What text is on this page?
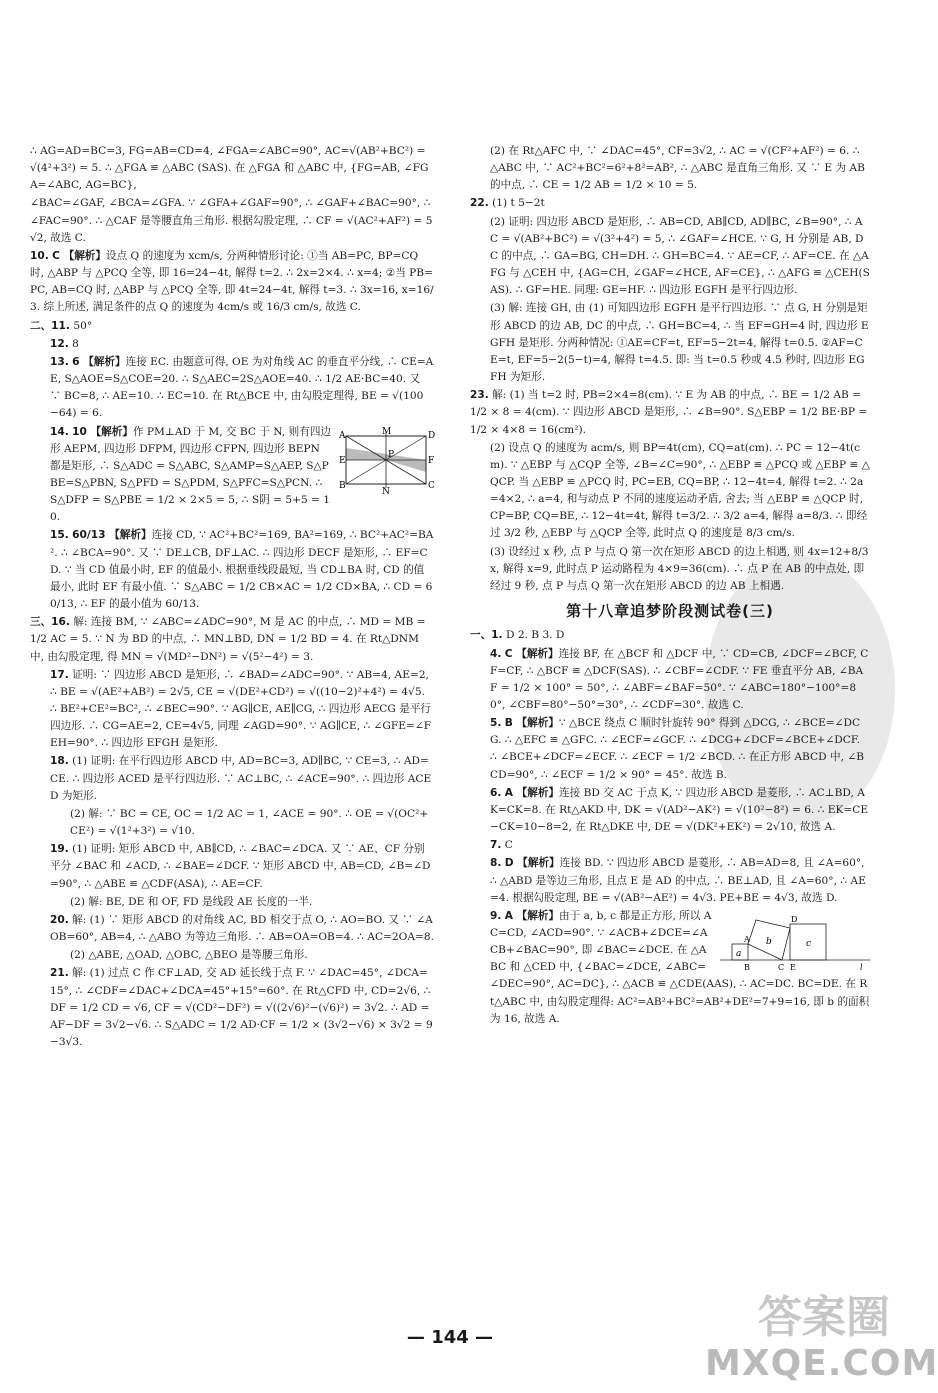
∴ AG=AD=BC=3, FG=AB=CD=4, ∠FGA=∠ABC=90°, AC=√(AB²+BC²) = √(4²+3²) = 5. ∴ △FGA ≌ △ABC (SAS). 在 △FGA 和 △ABC 中, {FG=AB, ∠FGA=∠ABC, AG=BC},
∠BAC=∠GAF, ∠BCA=∠GFA. ∵ ∠GFA+∠GAF=90°, ∴ ∠GAF+∠BAC=90°, ∴ ∠FAC=90°. ∴ △CAF 是等腰直角三角形. 根据勾股定理, ∴ CF = √(AC²+AF²) = 5√2, 故选 C.
10. C 【解析】设点 Q 的速度为 xcm/s, 分两种情形讨论: ①当 AB=PC, BP=CQ 时, △ABP 与 △PCQ 全等, 即 16=24−4t, 解得 t=2. ∴ 2x=2×4. ∴ x=4; ②当 PB=PC, AB=CQ 时, △ABP 与 △PCQ 全等, 即 4t=24−4t, 解得 t=3. ∴ 3x=16, x=16/3. 综上所述, 满足条件的点 Q 的速度为 4cm/s 或 16/3 cm/s, 故选 C.
二、11. 50°
12. 8
13. 6 【解析】连接 EC. 由题意可得, OE 为对角线 AC 的垂直平分线, ∴ CE=AE, S△AOE=S△COE=20. ∴ S△AEC=2S△AOE=40. ∴ 1/2 AE·BC=40. 又 ∵ BC=8, ∴ AE=10. ∴ EC=10. 在 Rt△BCE 中, 由勾股定理得, BE = √(100−64) = 6.
A	D
B	C
M
N
E	F
P
14. 10 【解析】作 PM⊥AD 于 M, 交 BC 于 N, 则有四边形 AEPM, 四边形 DFPM, 四边形 CFPN, 四边形 BEPN 都是矩形, ∴ S△ADC = S△ABC, S△AMP=S△AEP, S△PBE=S△PBN, S△PFD = S△PDM, S△PFC=S△PCN. ∴ S△DFP = S△PBE = 1/2 × 2×5 = 5, ∴ S阴 = 5+5 = 10.
15. 60/13 【解析】连接 CD, ∵ AC²+BC²=169, BA²=169, ∴ BC²+AC²=BA². ∴ ∠BCA=90°. 又 ∵ DE⊥CB, DF⊥AC. ∴ 四边形 DECF 是矩形, ∴ EF=CD. ∵ 当 CD 值最小时, EF 的值最小. 根据垂线段最短, 当 CD⊥BA 时, CD 的值最小, 此时 EF 有最小值. ∵ S△ABC = 1/2 CB×AC = 1/2 CD×BA, ∴ CD = 60/13, ∴ EF 的最小值为 60/13.
三、16. 解: 连接 BM, ∵ ∠ABC=∠ADC=90°, M 是 AC 的中点, ∴ MD = MB = 1/2 AC = 5. ∵ N 为 BD 的中点, ∴ MN⊥BD, DN = 1/2 BD = 4. 在 Rt△DNM 中, 由勾股定理, 得 MN = √(MD²−DN²) = √(5²−4²) = 3.
17. 证明: ∵ 四边形 ABCD 是矩形, ∴ ∠BAD=∠ADC=90°. ∵ AB=4, AE=2, ∴ BE = √(AE²+AB²) = 2√5, CE = √(DE²+CD²) = √((10−2)²+4²) = 4√5. ∴ BE²+CE²=BC², ∴ ∠BEC=90°. ∵ AG∥CE, AE∥CG, ∴ 四边形 AECG 是平行四边形. ∴ CG=AE=2, CE=4√5, 同理 ∠AGD=90°. ∵ AG∥CE, ∴ ∠GFE=∠FEH=90°. ∴ 四边形 EFGH 是矩形.
18. (1) 证明: 在平行四边形 ABCD 中, AD=BC=3, AD∥BC, ∵ CE=3, ∴ AD=CE. ∴ 四边形 ACED 是平行四边形. ∵ AC⊥BC, ∴ ∠ACE=90°. ∴ 四边形 ACED 为矩形.
(2) 解: ∵ BC = CE, OC = 1/2 AC = 1, ∠ACE = 90°. ∴ OE = √(OC²+CE²) = √(1²+3²) = √10.
19. (1) 证明: 矩形 ABCD 中, AB∥CD, ∴ ∠BAC=∠DCA. 又 ∵ AE、CF 分别平分 ∠BAC 和 ∠ACD, ∴ ∠BAE=∠DCF. ∵ 矩形 ABCD 中, AB=CD, ∠B=∠D=90°, ∴ △ABE ≌ △CDF(ASA), ∴ AE=CF.
(2) 解: BE, DE 和 OF, FD 是线段 AE 长度的一半.
20. 解: (1) ∵ 矩形 ABCD 的对角线 AC, BD 相交于点 O, ∴ AO=BO. 又 ∵ ∠AOB=60°, AB=4, ∴ △ABO 为等边三角形. ∴ AB=OA=OB=4. ∴ AC=2OA=8.
(2) △ABE, △OAD, △OBC, △BEO 是等腰三角形.
21. 解: (1) 过点 C 作 CF⊥AD, 交 AD 延长线于点 F. ∵ ∠DAC=45°, ∠DCA=15°, ∴ ∠CDF=∠DAC+∠DCA=45°+15°=60°. 在 Rt△CFD 中, CD=2√6, ∴ DF = 1/2 CD = √6, CF = √(CD²−DF²) = √((2√6)²−(√6)²) = 3√2. ∴ AD = AF−DF = 3√2−√6. ∴ S△ADC = 1/2 AD·CF = 1/2 × (3√2−√6) × 3√2 = 9−3√3.
(2) 在 Rt△AFC 中, ∵ ∠DAC=45°, CF=3√2, ∴ AC = √(CF²+AF²) = 6. ∴ △ABC 中, ∵ AC²+BC²=6²+8²=AB², ∴ △ABC 是直角三角形. 又 ∵ E 为 AB 的中点, ∴ CE = 1/2 AB = 1/2 × 10 = 5.
22. (1) t 5−2t
(2) 证明: 四边形 ABCD 是矩形, ∴ AB=CD, AB∥CD, AD∥BC, ∠B=90°, ∴ AC = √(AB²+BC²) = √(3²+4²) = 5, ∴ ∠GAF=∠HCE. ∵ G, H 分别是 AB, DC 的中点, ∴ GA=BG, CH=DH. ∴ GH=BC=4. ∵ AE=CF, ∴ AF=CE. 在 △AFG 与 △CEH 中, {AG=CH, ∠GAF=∠HCE, AF=CE}, ∴ △AFG ≌ △CEH(SAS). ∴ GF=HE. 同理: GE=HF. ∴ 四边形 EGFH 是平行四边形.
(3) 解: 连接 GH, 由 (1) 可知四边形 EGFH 是平行四边形. ∵ 点 G, H 分别是矩形 ABCD 的边 AB, DC 的中点, ∴ GH=BC=4, ∴ 当 EF=GH=4 时, 四边形 EGFH 是矩形. 分两种情况: ①AE=CF=t, EF=5−2t=4, 解得 t=0.5. ②AF=CE=t, EF=5−2(5−t)=4, 解得 t=4.5. 即: 当 t=0.5 秒或 4.5 秒时, 四边形 EGFH 为矩形.
23. 解: (1) 当 t=2 时, PB=2×4=8(cm). ∵ E 为 AB 的中点, ∴ BE = 1/2 AB = 1/2 × 8 = 4(cm). ∵ 四边形 ABCD 是矩形, ∴ ∠B=90°. S△EBP = 1/2 BE·BP = 1/2 × 4×8 = 16(cm²).
(2) 设点 Q 的速度为 acm/s, 则 BP=4t(cm), CQ=at(cm). ∴ PC = 12−4t(cm). ∵ △EBP 与 △CQP 全等, ∠B=∠C=90°, ∴ △EBP ≌ △PCQ 或 △EBP ≌ △QCP. 当 △EBP ≌ △PCQ 时, PC=EB, CQ=BP, ∴ 12−4t=4, 解得 t=2. ∴ 2a=4×2, ∴ a=4, 和与动点 P 不同的速度运动矛盾, 舍去; 当 △EBP ≌ △QCP 时, CP=BP, CQ=BE, ∴ 12−4t=4t, 解得 t=3/2. ∴ 3/2 a=4, 解得 a=8/3. ∴ 即经过 3/2 秒, △EBP 与 △QCP 全等, 此时点 Q 的速度是 8/3 cm/s.
(3) 设经过 x 秒, 点 P 与点 Q 第一次在矩形 ABCD 的边上相遇, 则 4x=12+8/3 x, 解得 x=9, 此时点 P 运动路程为 4×9=36(cm). ∴ 点 P 在 AB 的中点处, 即经过 9 秒, 点 P 与点 Q 第一次在矩形 ABCD 的边 AB 上相遇.
第十八章追梦阶段测试卷(三)
一、1. D 2. B 3. D
4. C 【解析】连接 BF, 在 △BCF 和 △DCF 中, ∵ CD=CB, ∠DCF=∠BCF, CF=CF, ∴ △BCF ≌ △DCF(SAS). ∴ ∠CBF=∠CDF. ∵ FE 垂直平分 AB, ∠BAF = 1/2 × 100° = 50°, ∴ ∠ABF=∠BAF=50°. ∵ ∠ABC=180°−100°=80°, ∠CBF=80°−50°=30°, ∴ ∠CDF=30°. 故选 C.
5. B 【解析】∵ △BCE 绕点 C 顺时针旋转 90° 得到 △DCG, ∴ ∠BCE=∠DCG. ∴ △EFC ≌ △GFC. ∴ ∠ECF=∠GCF. ∴ ∠DCG+∠DCF=∠BCE+∠DCF. ∴ ∠BCE+∠DCF=∠ECF. ∴ ∠ECF = 1/2 ∠BCD. ∴ 在正方形 ABCD 中, ∠BCD=90°, ∴ ∠ECF = 1/2 × 90° = 45°. 故选 B.
6. A 【解析】连接 BD 交 AC 于点 K, ∵ 四边形 ABCD 是菱形, ∴ AC⊥BD, AK=CK=8. 在 Rt△AKD 中, DK = √(AD²−AK²) = √(10²−8²) = 6. ∴ EK=CE−CK=10−8=2, 在 Rt△DKE 中, DE = √(DK²+EK²) = 2√10, 故选 A.
7. C
8. D 【解析】连接 BD. ∵ 四边形 ABCD 是菱形, ∴ AB=AD=8, 且 ∠A=60°, ∴ △ABD 是等边三角形, 且点 E 是 AD 的中点, ∴ BE⊥AD, 且 ∠A=60°, ∴ AE=4. 根据勾股定理, BE = √(AB²−AE²) = 4√3. PE+BE = 4√3, 故选 D.
a
b	c
A
D
B	C E	l
9. A 【解析】由于 a, b, c 都是正方形, 所以 AC=CD, ∠ACD=90°. ∵ ∠ACB+∠DCE=∠ACB+∠BAC=90°, 即 ∠BAC=∠DCE. 在 △ABC 和 △CED 中, {∠BAC=∠DCE, ∠ABC=∠DEC=90°, AC=DC}, ∴ △ACB ≌ △CDE(AAS), ∴ AC=DC. BC=DE. 在 Rt△ABC 中, 由勾股定理得: AC²=AB²+BC²=AB²+DE²=7+9=16, 即 b 的面积为 16, 故选 A.
— 144 —	答案圈
MXQE.COM
